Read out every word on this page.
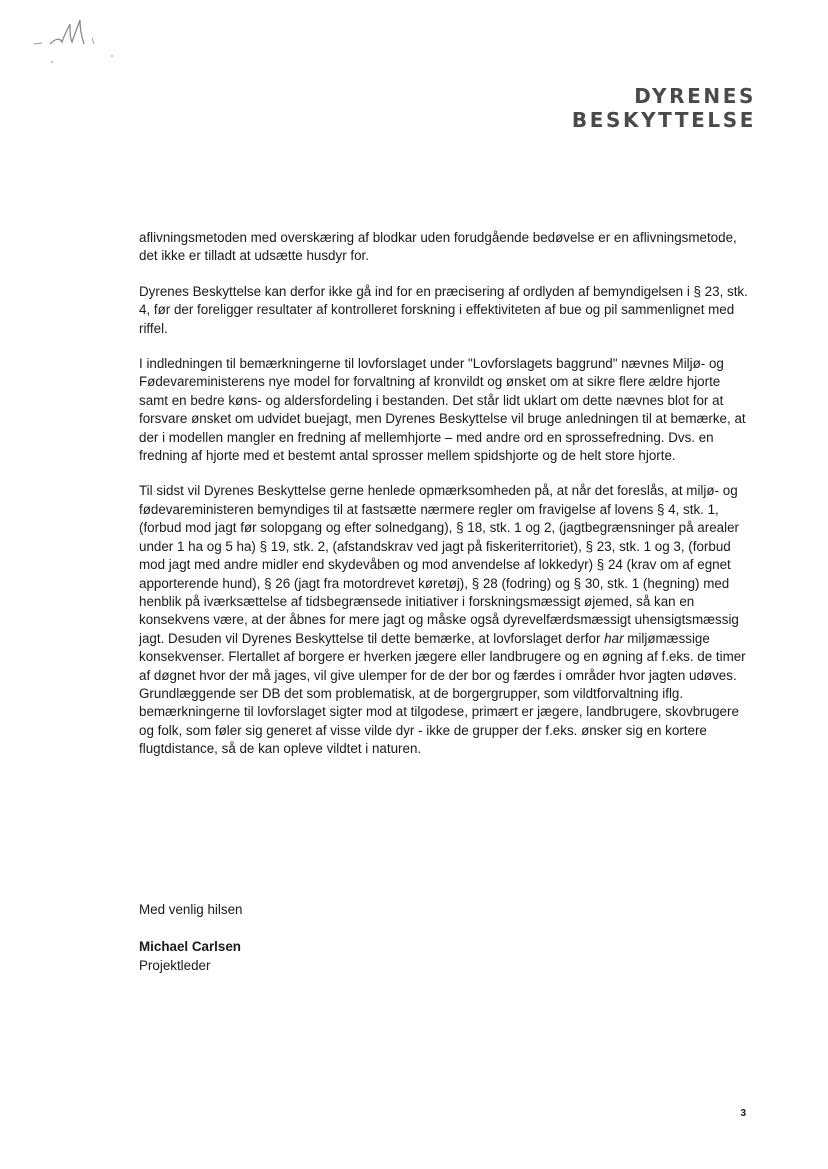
DYRENES
BESKYTTELSE

aflivningsmetoden med overskæring af blodkar uden forudgående bedøvelse er en aflivningsmetode, det ikke er tilladt at udsætte husdyr for.

Dyrenes Beskyttelse kan derfor ikke gå ind for en præcisering af ordlyden af bemyndigelsen i § 23, stk. 4, før der foreligger resultater af kontrolleret forskning i effektiviteten af bue og pil sammenlignet med riffel.

I indledningen til bemærkningerne til lovforslaget under "Lovforslagets baggrund" nævnes Miljø- og Fødevareministerens nye model for forvaltning af kronvildt og ønsket om at sikre flere ældre hjorte samt en bedre køns- og aldersfordeling i bestanden. Det står lidt uklart om dette nævnes blot for at forsvare ønsket om udvidet buejagt, men Dyrenes Beskyttelse vil bruge anledningen til at bemærke, at der i modellen mangler en fredning af mellemhjorte – med andre ord en sprossefredning. Dvs. en fredning af hjorte med et bestemt antal sprosser mellem spidshjorte og de helt store hjorte.

Til sidst vil Dyrenes Beskyttelse gerne henlede opmærksomheden på, at når det foreslås, at miljø- og fødevareministeren bemyndiges til at fastsætte nærmere regler om fravigelse af lovens § 4, stk. 1, (forbud mod jagt før solopgang og efter solnedgang), § 18, stk. 1 og 2, (jagtbegrænsninger på arealer under 1 ha og 5 ha) § 19, stk. 2, (afstandskrav ved jagt på fiskeriterritoriet), § 23, stk. 1 og 3, (forbud mod jagt med andre midler end skydevåben og mod anvendelse af lokkedyr) § 24 (krav om af egnet apporterende hund), § 26 (jagt fra motordrevet køretøj), § 28 (fodring) og § 30, stk. 1 (hegning) med henblik på iværksættelse af tidsbegrænsede initiativer i forskningsmæssigt øjemed, så kan en konsekvens være, at der åbnes for mere jagt og måske også dyrevelfærdsmæssigt uhensigtsmæssig jagt. Desuden vil Dyrenes Beskyttelse til dette bemærke, at lovforslaget derfor har miljømæssige konsekvenser. Flertallet af borgere er hverken jægere eller landbrugere og en øgning af f.eks. de timer af døgnet hvor der må jages, vil give ulemper for de der bor og færdes i områder hvor jagten udøves. Grundlæggende ser DB det som problematisk, at de borgergrupper, som vildtforvaltning iflg. bemærkningerne til lovforslaget sigter mod at tilgodese, primært er jægere, landbrugere, skovbrugere og folk, som føler sig generet af visse vilde dyr - ikke de grupper der f.eks. ønsker sig en kortere flugtdistance, så de kan opleve vildtet i naturen.

Med venlig hilsen

Michael Carlsen

Projektleder

3
